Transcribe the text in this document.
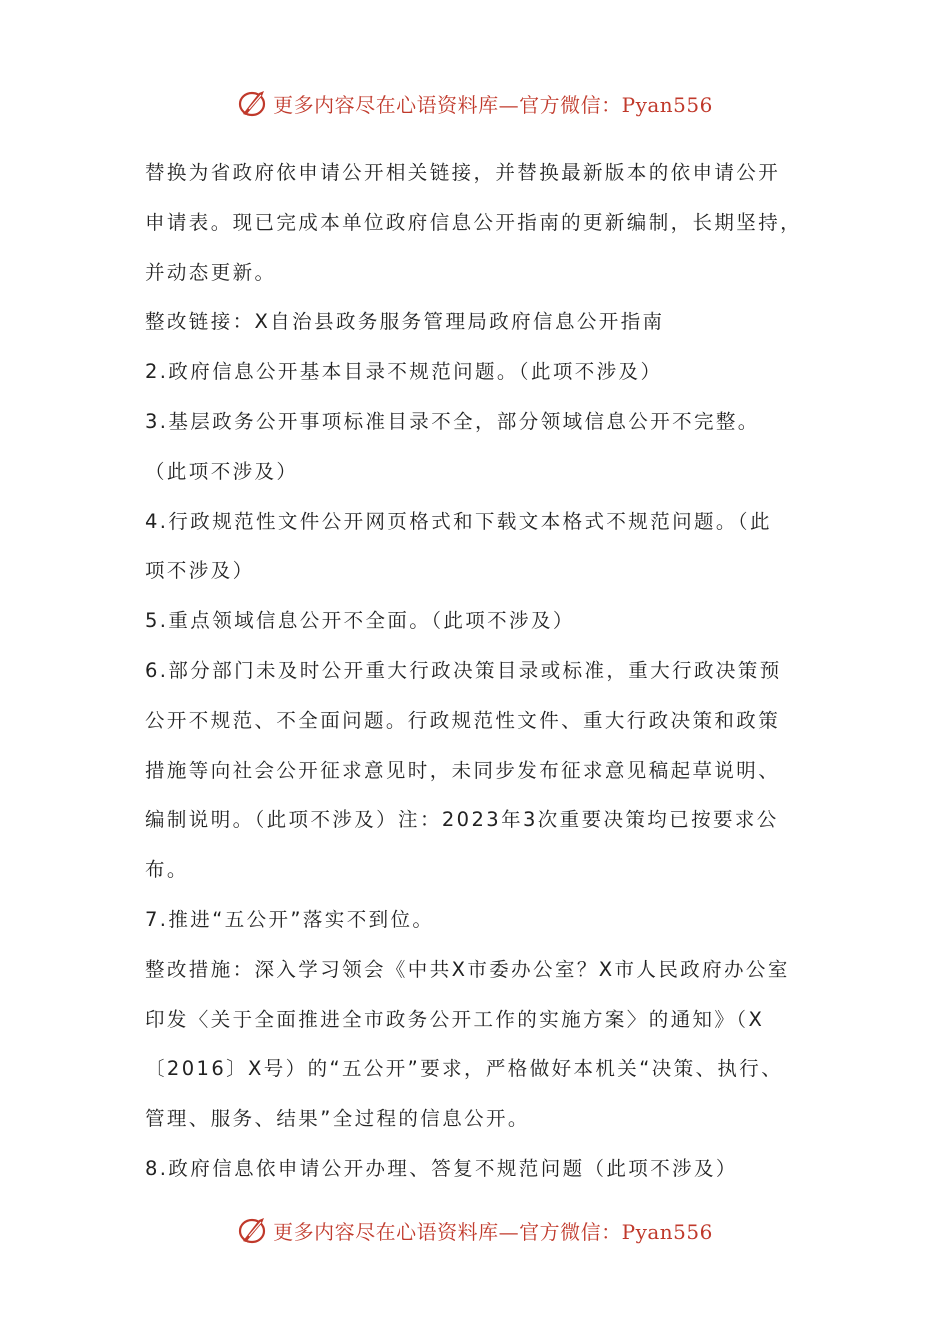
更多内容尽在心语资料库—官方微信：Pyan556
替换为省政府依申请公开相关链接，并替换最新版本的依申请公开
申请表。现已完成本单位政府信息公开指南的更新编制，长期坚持，
并动态更新。
整改链接：X自治县政务服务管理局政府信息公开指南
2.政府信息公开基本目录不规范问题。（此项不涉及）
3.基层政务公开事项标准目录不全，部分领域信息公开不完整。
（此项不涉及）
4.行政规范性文件公开网页格式和下载文本格式不规范问题。（此
项不涉及）
5.重点领域信息公开不全面。（此项不涉及）
6.部分部门未及时公开重大行政决策目录或标准，重大行政决策预
公开不规范、不全面问题。行政规范性文件、重大行政决策和政策
措施等向社会公开征求意见时，未同步发布征求意见稿起草说明、
编制说明。（此项不涉及）注：2023年3次重要决策均已按要求公
布。
7.推进“五公开”落实不到位。
整改措施：深入学习领会《中共X市委办公室？X市人民政府办公室
印发〈关于全面推进全市政务公开工作的实施方案〉的通知》（X
〔2016〕X号）的“五公开”要求，严格做好本机关“决策、执行、
管理、服务、结果”全过程的信息公开。
8.政府信息依申请公开办理、答复不规范问题（此项不涉及）
更多内容尽在心语资料库—官方微信：Pyan556
